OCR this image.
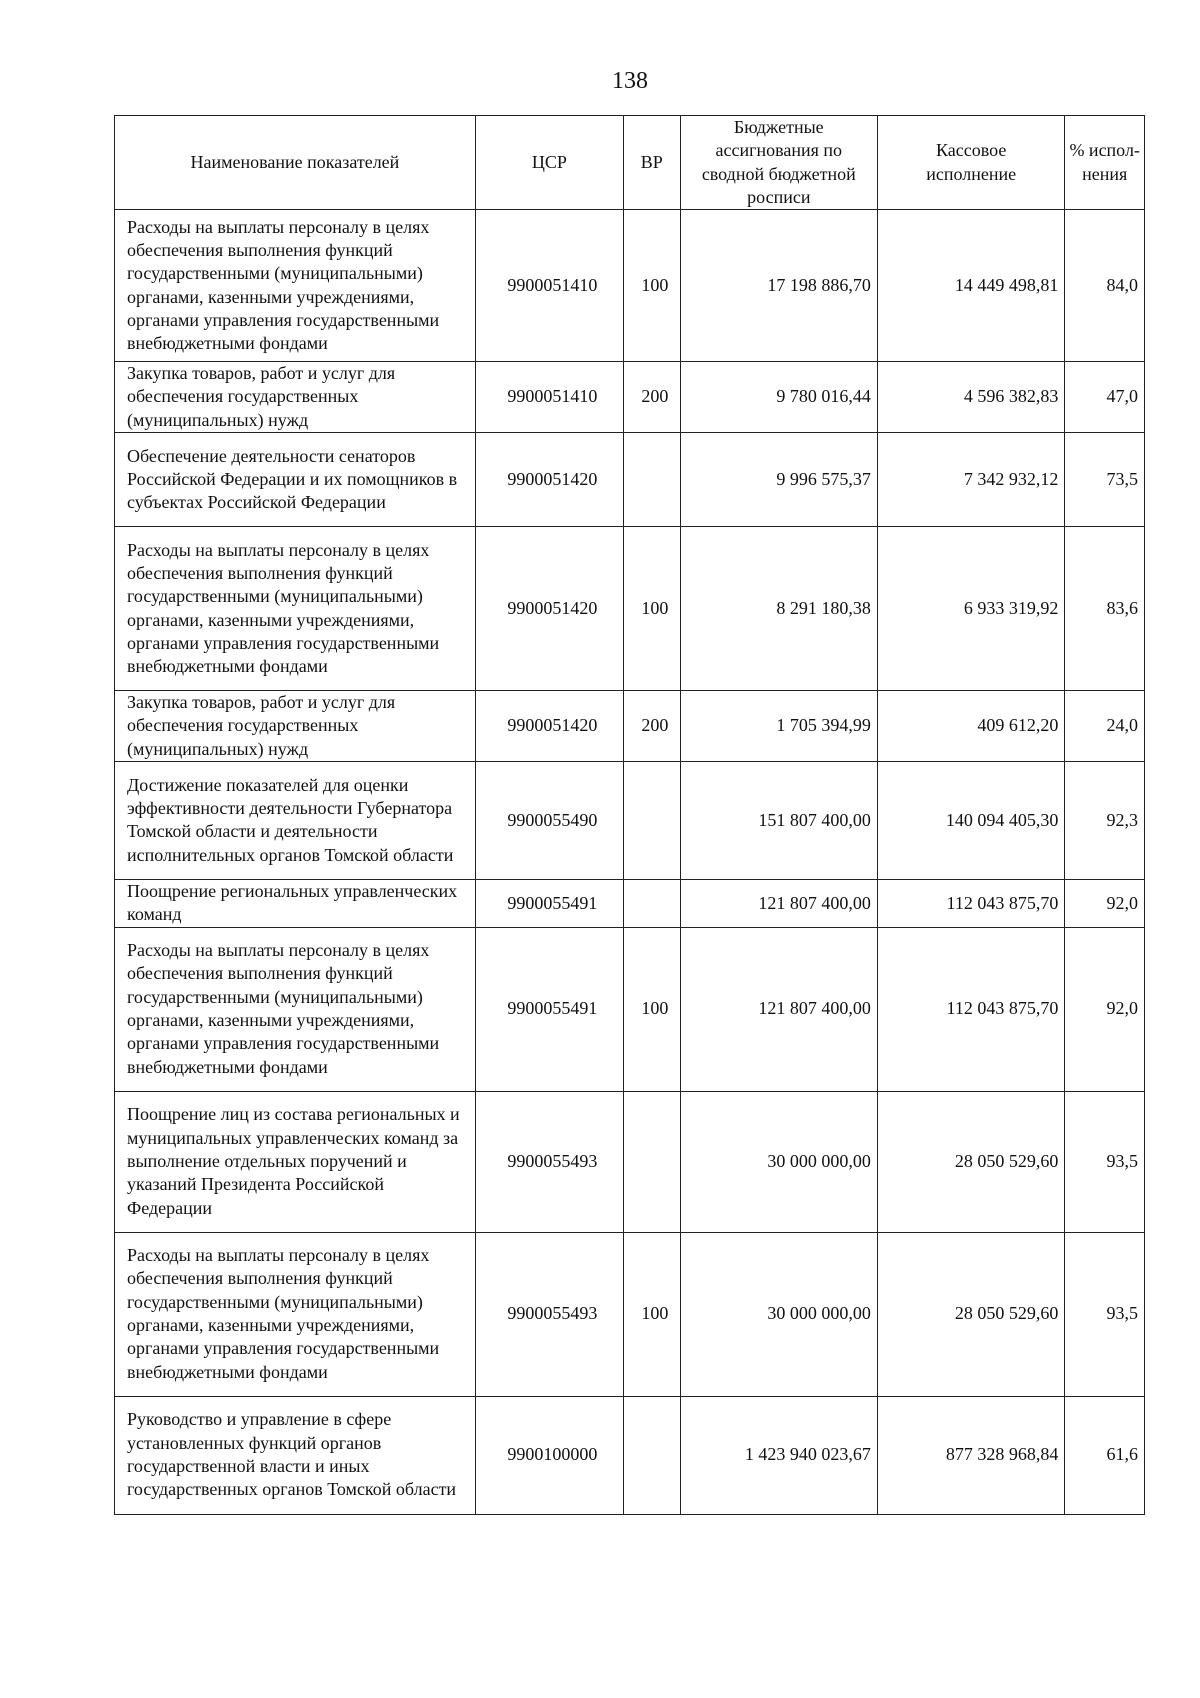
138
Наименование показателей	ЦСР	ВР	Бюджетные ассигнования по сводной бюджетной росписи	Кассовое исполнение	% испол-нения
Расходы на выплаты персоналу в целях обеспечения выполнения функций государственными (муниципальными) органами, казенными учреждениями, органами управления государственными внебюджетными фондами	9900051410	100	17 198 886,70	14 449 498,81	84,0
Закупка товаров, работ и услуг для обеспечения государственных (муниципальных) нужд	9900051410	200	9 780 016,44	4 596 382,83	47,0
Обеспечение деятельности сенаторов Российской Федерации и их помощников в субъектах Российской Федерации	9900051420		9 996 575,37	7 342 932,12	73,5
Расходы на выплаты персоналу в целях обеспечения выполнения функций государственными (муниципальными) органами, казенными учреждениями, органами управления государственными внебюджетными фондами	9900051420	100	8 291 180,38	6 933 319,92	83,6
Закупка товаров, работ и услуг для обеспечения государственных (муниципальных) нужд	9900051420	200	1 705 394,99	409 612,20	24,0
Достижение показателей для оценки эффективности деятельности Губернатора Томской области и деятельности исполнительных органов Томской области	9900055490		151 807 400,00	140 094 405,30	92,3
Поощрение региональных управленческих команд	9900055491		121 807 400,00	112 043 875,70	92,0
Расходы на выплаты персоналу в целях обеспечения выполнения функций государственными (муниципальными) органами, казенными учреждениями, органами управления государственными внебюджетными фондами	9900055491	100	121 807 400,00	112 043 875,70	92,0
Поощрение лиц из состава региональных и муниципальных управленческих команд за выполнение отдельных поручений и указаний Президента Российской Федерации	9900055493		30 000 000,00	28 050 529,60	93,5
Расходы на выплаты персоналу в целях обеспечения выполнения функций государственными (муниципальными) органами, казенными учреждениями, органами управления государственными внебюджетными фондами	9900055493	100	30 000 000,00	28 050 529,60	93,5
Руководство и управление в сфере установленных функций органов государственной власти и иных государственных органов Томской области	9900100000		1 423 940 023,67	877 328 968,84	61,6
